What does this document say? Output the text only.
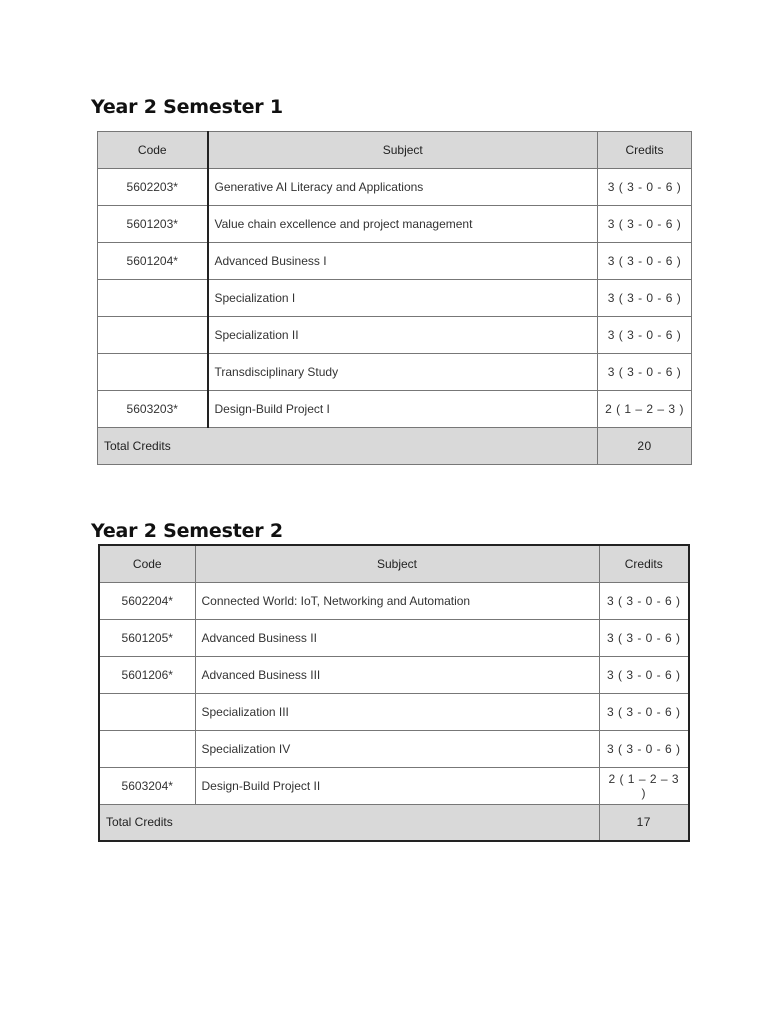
Year 2 Semester 1
Code	Subject	Credits
5602203*	Generative AI Literacy and Applications	3 ( 3 - 0 - 6 )
5601203*	Value chain excellence and project management	3 ( 3 - 0 - 6 )
5601204*	Advanced Business I	3 ( 3 - 0 - 6 )
	Specialization I	3 ( 3 - 0 - 6 )
	Specialization II	3 ( 3 - 0 - 6 )
	Transdisciplinary Study	3 ( 3 - 0 - 6 )
5603203*	Design-Build Project I	2 ( 1 – 2 – 3 )
Total Credits		20
Year 2 Semester 2
Code	Subject	Credits
5602204*	Connected World: IoT, Networking and Automation	3 ( 3 - 0 - 6 )
5601205*	Advanced Business II	3 ( 3 - 0 - 6 )
5601206*	Advanced Business III	3 ( 3 - 0 - 6 )
	Specialization III	3 ( 3 - 0 - 6 )
	Specialization IV	3 ( 3 - 0 - 6 )
5603204*	Design-Build Project II	2 ( 1 – 2 – 3 )
Total Credits		17
